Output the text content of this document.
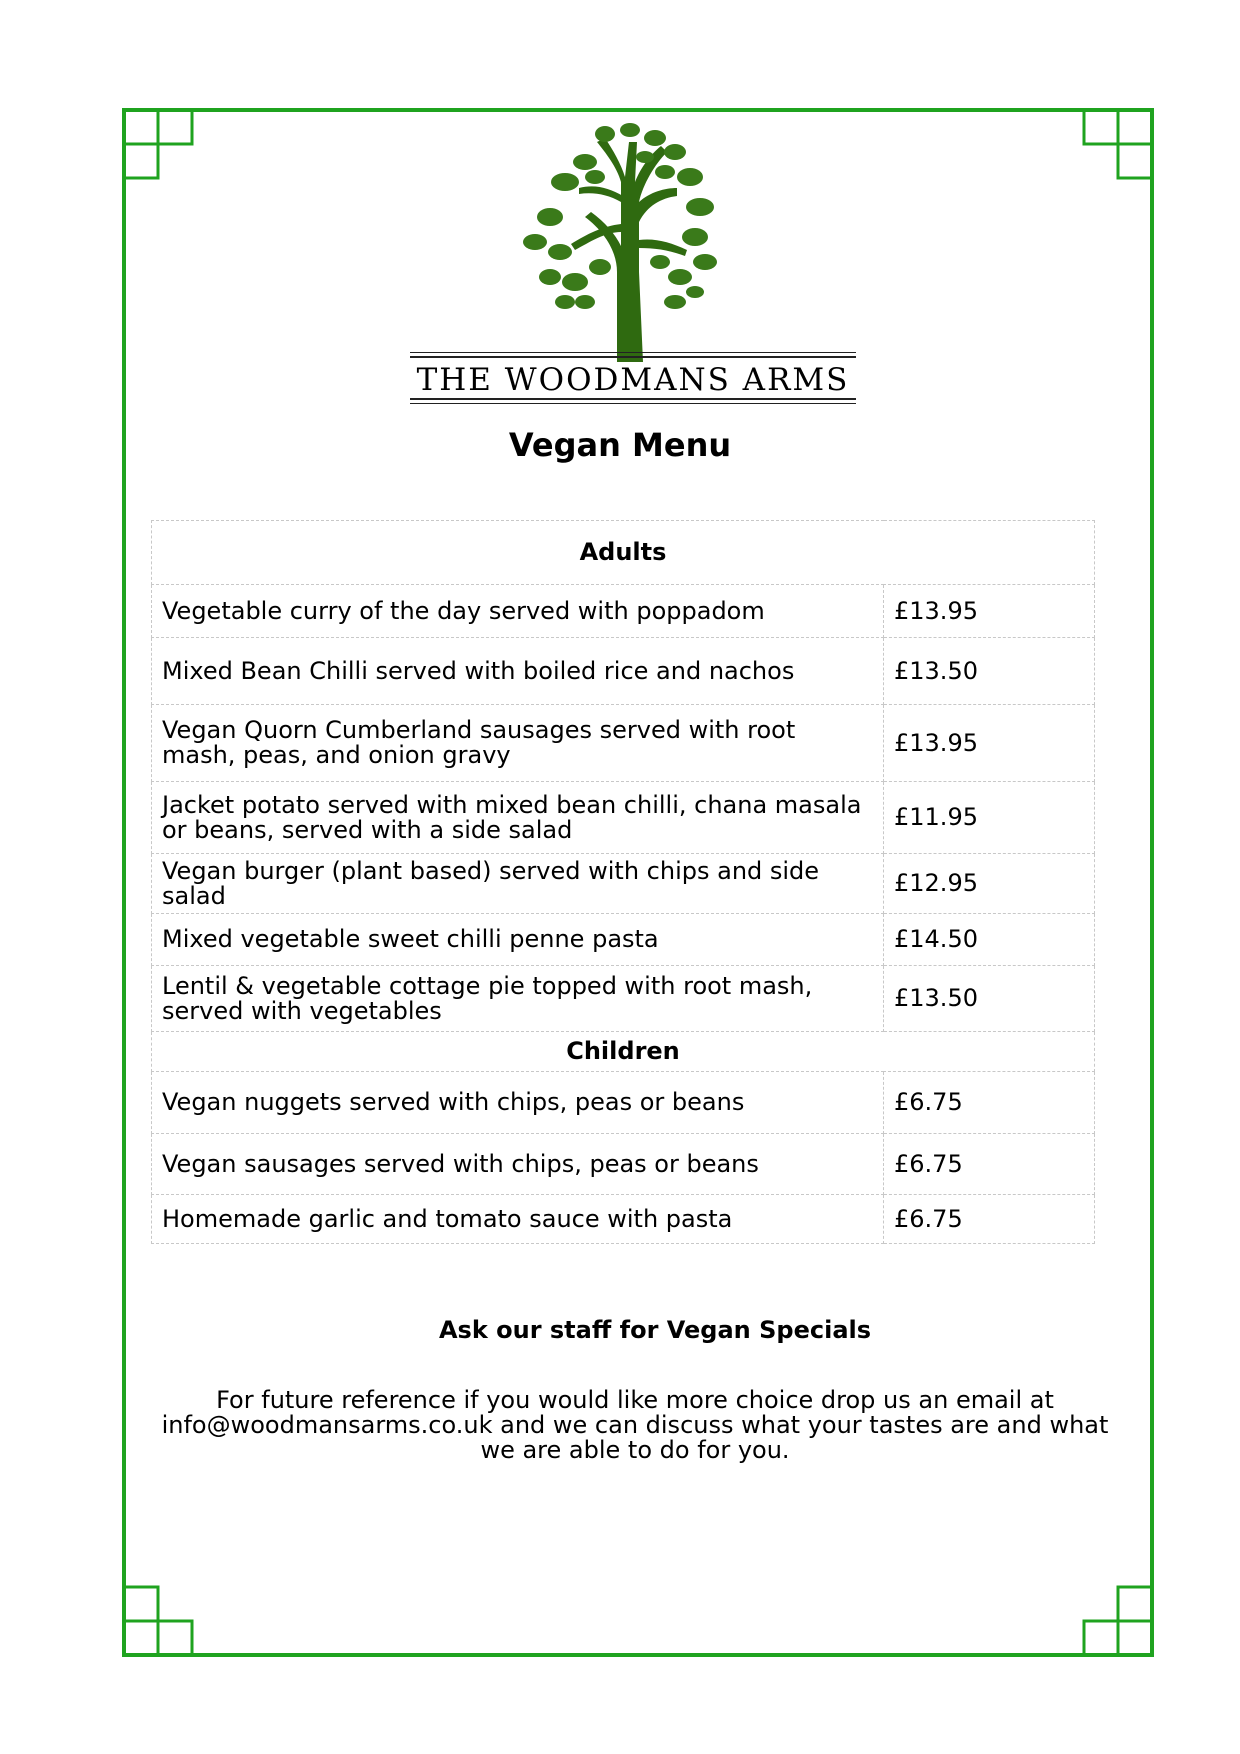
THE WOODMANS ARMS
Vegan Menu
Adults	
Vegetable curry of the day served with poppadom	£13.95
Mixed Bean Chilli served with boiled rice and nachos	£13.50
Vegan Quorn Cumberland sausages served with root mash, peas, and onion gravy	£13.95
Jacket potato served with mixed bean chilli, chana masala or beans, served with a side salad	£11.95
Vegan burger (plant based) served with chips and side salad	£12.95
Mixed vegetable sweet chilli penne pasta	£14.50
Lentil & vegetable cottage pie topped with root mash, served with vegetables	£13.50
Children	
Vegan nuggets served with chips, peas or beans	£6.75
Vegan sausages served with chips, peas or beans	£6.75
Homemade garlic and tomato sauce with pasta	£6.75
Ask our staff for Vegan Specials
For future reference if you would like more choice drop us an email at info@woodmansarms.co.uk and we can discuss what your tastes are and what we are able to do for you.
